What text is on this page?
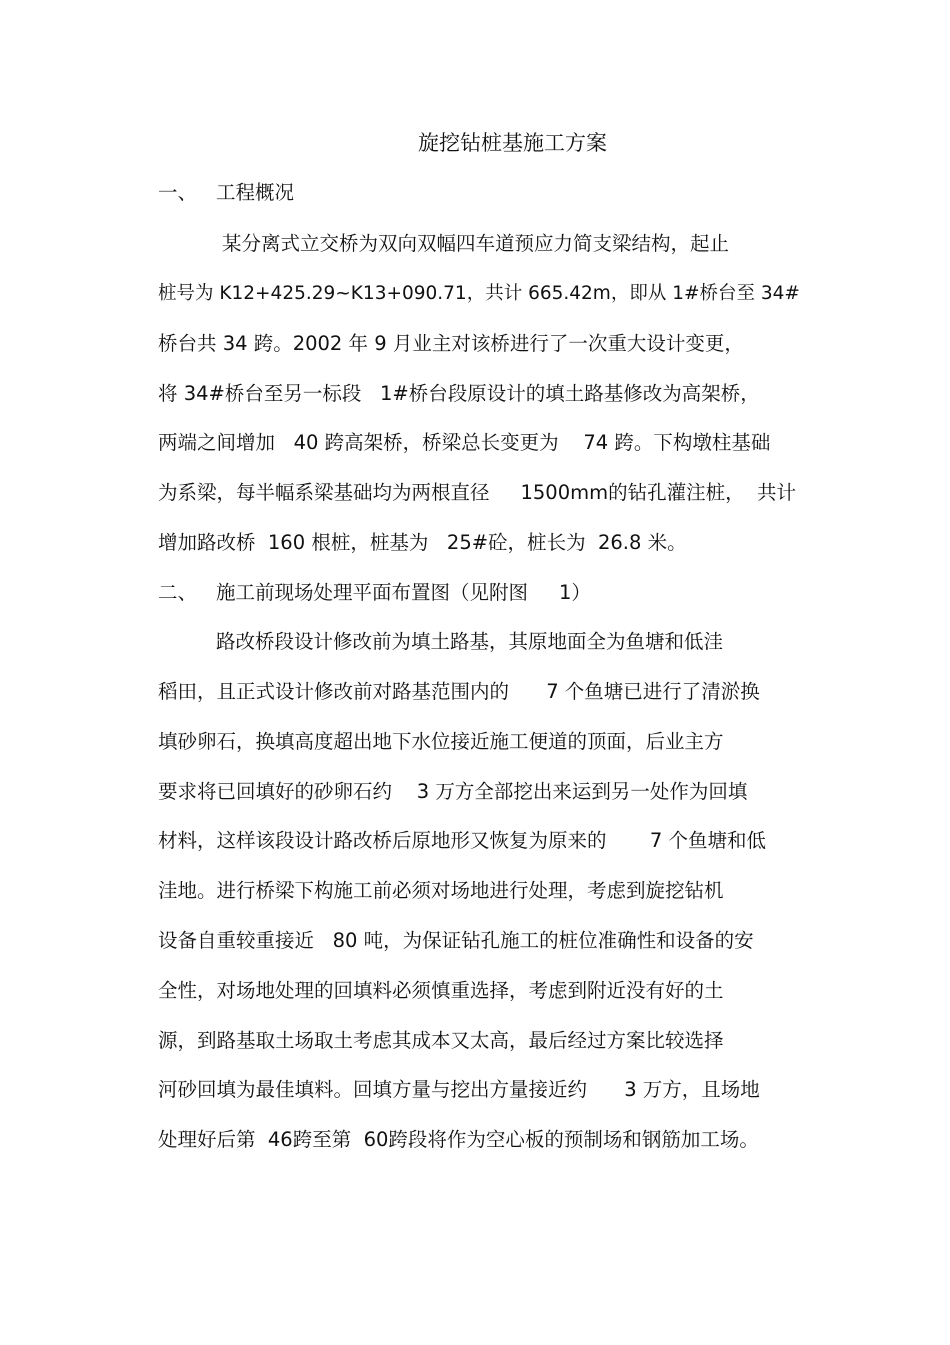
旋挖钻桩基施工方案
一、 工程概况
某分离式立交桥为双向双幅四车道预应力简支梁结构，起止
桩号为 K12+425.29~K13+090.71，共计 665.42m，即从 1#桥台至 34#
桥台共 34 跨。2002 年 9 月业主对该桥进行了一次重大设计变更，
将 34#桥台至另一标段   1#桥台段原设计的填土路基修改为高架桥，
两端之间增加   40 跨高架桥，桥梁总长变更为    74 跨。下构墩柱基础
为系梁，每半幅系梁基础均为两根直径     1500mm的钻孔灌注桩，  共计
增加路改桥  160 根桩，桩基为   25#砼，桩长为  26.8 米。
二、 施工前现场处理平面布置图（见附图     1）
路改桥段设计修改前为填土路基，其原地面全为鱼塘和低洼
稻田，且正式设计修改前对路基范围内的      7 个鱼塘已进行了清淤换
填砂卵石，换填高度超出地下水位接近施工便道的顶面，后业主方
要求将已回填好的砂卵石约    3 万方全部挖出来运到另一处作为回填
材料，这样该段设计路改桥后原地形又恢复为原来的       7 个鱼塘和低
洼地。进行桥梁下构施工前必须对场地进行处理，考虑到旋挖钻机
设备自重较重接近   80 吨，为保证钻孔施工的桩位准确性和设备的安
全性，对场地处理的回填料必须慎重选择，考虑到附近没有好的土
源，到路基取土场取土考虑其成本又太高，最后经过方案比较选择
河砂回填为最佳填料。回填方量与挖出方量接近约      3 万方，且场地
处理好后第  46跨至第  60跨段将作为空心板的预制场和钢筋加工场。
